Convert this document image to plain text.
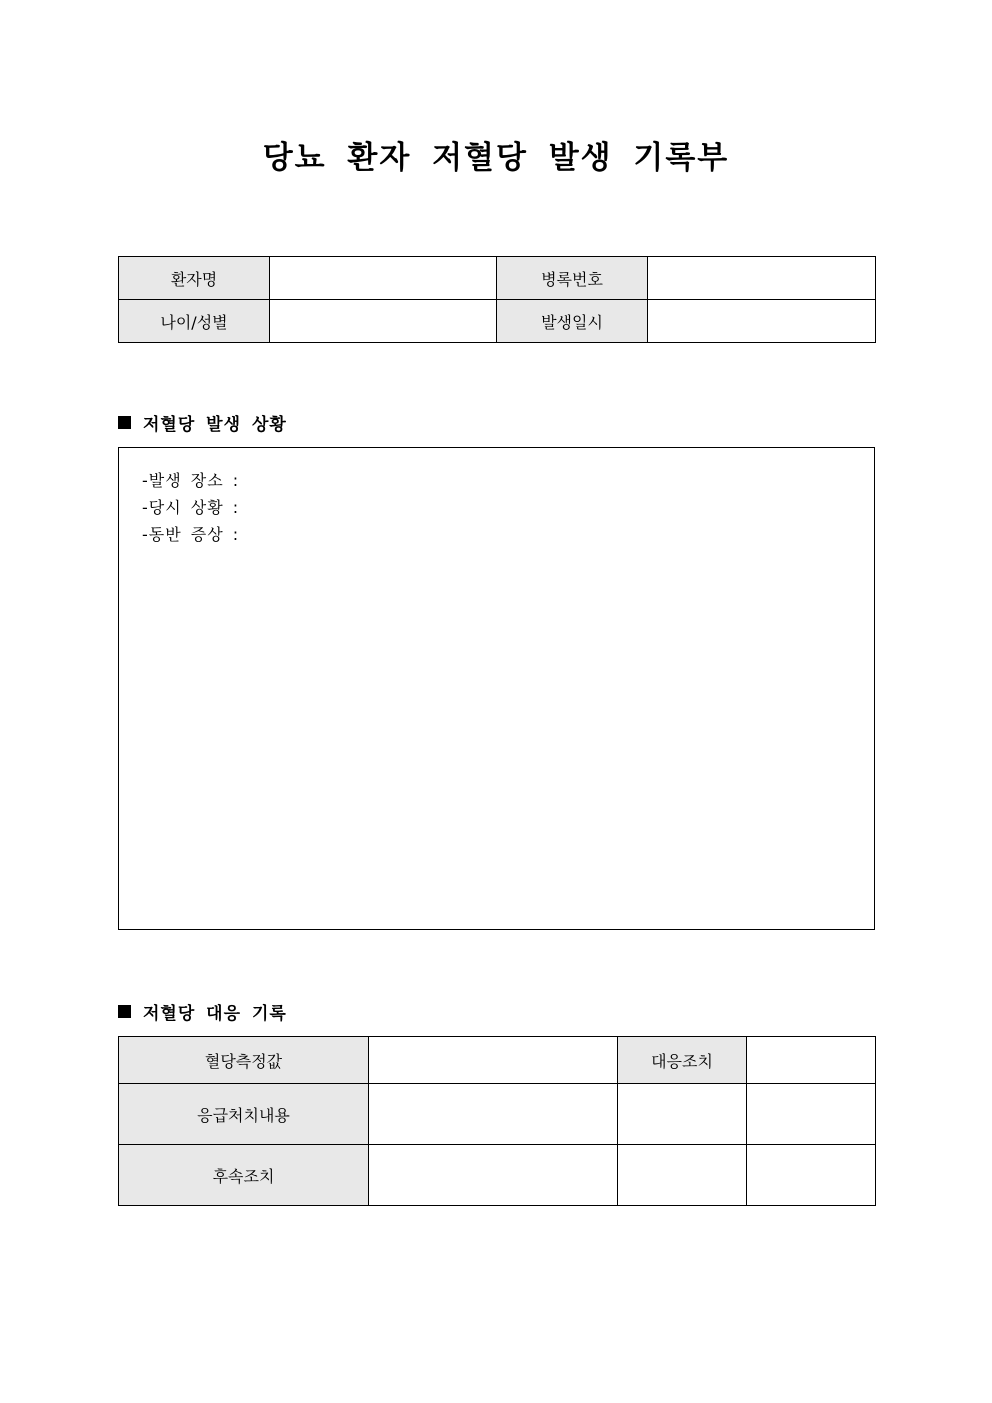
당뇨 환자 저혈당 발생 기록부
환자명		병록번호	
나이/성별		발생일시	
저혈당 발생 상황
-발생 장소 :
-당시 상황 :
-동반 증상 :
저혈당 대응 기록
혈당측정값		대응조치	
응급처치내용			
후속조치			
